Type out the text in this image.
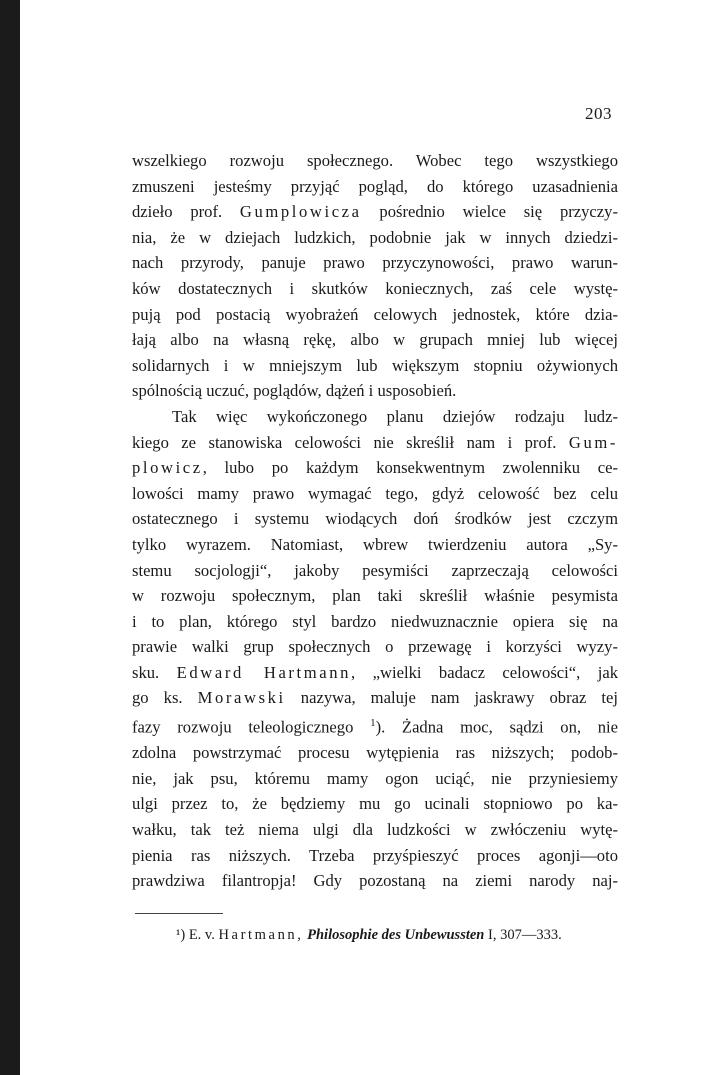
203
wszelkiego rozwoju społecznego. Wobec tego wszystkiego
zmuszeni jesteśmy przyjąć pogląd, do którego uzasadnienia
dzieło prof. Gumplowicza pośrednio wielce się przyczy-
nia, że w dziejach ludzkich, podobnie jak w innych dziedzi-
nach przyrody, panuje prawo przyczynowości, prawo warun-
ków dostatecznych i skutków koniecznych, zaś cele wystę-
pują pod postacią wyobrażeń celowych jednostek, które dzia-
łają albo na własną rękę, albo w grupach mniej lub więcej
solidarnych i w mniejszym lub większym stopniu ożywionych
spólnością uczuć, poglądów, dążeń i usposobień.
Tak więc wykończonego planu dziejów rodzaju ludz-
kiego ze stanowiska celowości nie skreślił nam i prof. Gum-
plowicz, lubo po każdym konsekwentnym zwolenniku ce-
lowości mamy prawo wymagać tego, gdyż celowość bez celu
ostatecznego i systemu wiodących doń środków jest czczym
tylko wyrazem. Natomiast, wbrew twierdzeniu autora „Sy-
stemu socjologji“, jakoby pesymiści zaprzeczają celowości
w rozwoju społecznym, plan taki skreślił właśnie pesymista
i to plan, którego styl bardzo niedwuznacznie opiera się na
prawie walki grup społecznych o przewagę i korzyści wyzy-
sku. Edward Hartmann, „wielki badacz celowości“, jak
go ks. Morawski nazywa, maluje nam jaskrawy obraz tej
fazy rozwoju teleologicznego $^1$). Żadna moc, sądzi on, nie
zdolna powstrzymać procesu wytępienia ras niższych; podob-
nie, jak psu, któremu mamy ogon uciąć, nie przyniesiemy
ulgi przez to, że będziemy mu go ucinali stopniowo po ka-
wałku, tak też niema ulgi dla ludzkości w zwłóczeniu wytę-
pienia ras niższych. Trzeba przyśpieszyć proces agonji—oto
prawdziwa filantropja! Gdy pozostaną na ziemi narody naj-
¹) E. v. Hartmann, Philosophie des Unbewussten I, 307—333.
